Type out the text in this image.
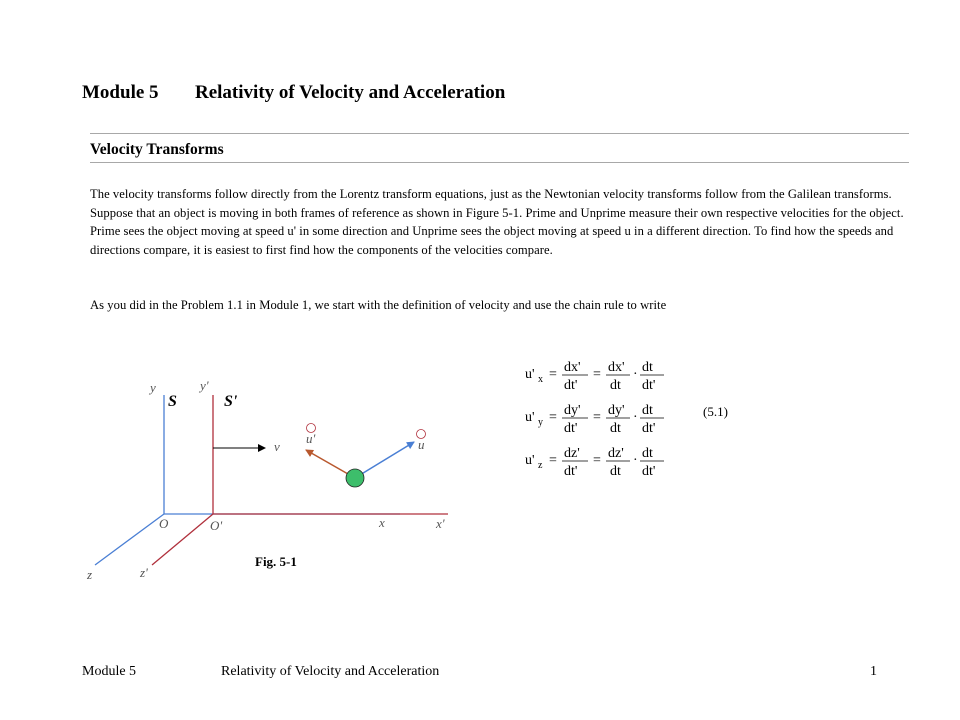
Module 5 Relativity of Velocity and Acceleration
Velocity Transforms

The velocity transforms follow directly from the Lorentz transform equations, just as the Newtonian velocity transforms follow from the Galilean transforms. Suppose that an object is moving in both frames of reference as shown in Figure 5-1. Prime and Unprime measure their own respective velocities for the object. Prime sees the object moving at speed u' in some direction and Unprime sees the object moving at speed u in a different direction. To find how the speeds and directions compare, it is easiest to first find how the components of the velocities compare.

As you did in the Problem 1.1 in Module 1, we start with the definition of velocity and use the chain rule to write

y	y'
S	S'
v
u'	u
O	O'	x	x'
z	z'
Fig. 5-1
u' x = dx'
dt'
= dx'
dt
· dt
dt'
u' y = dy'
dt'
= dy'
dt
· dt
dt'
u' z = dz'
dt'
= dz'
dt
· dt
dt'
(5.1)
Module 5	Relativity of Velocity and Acceleration	1
